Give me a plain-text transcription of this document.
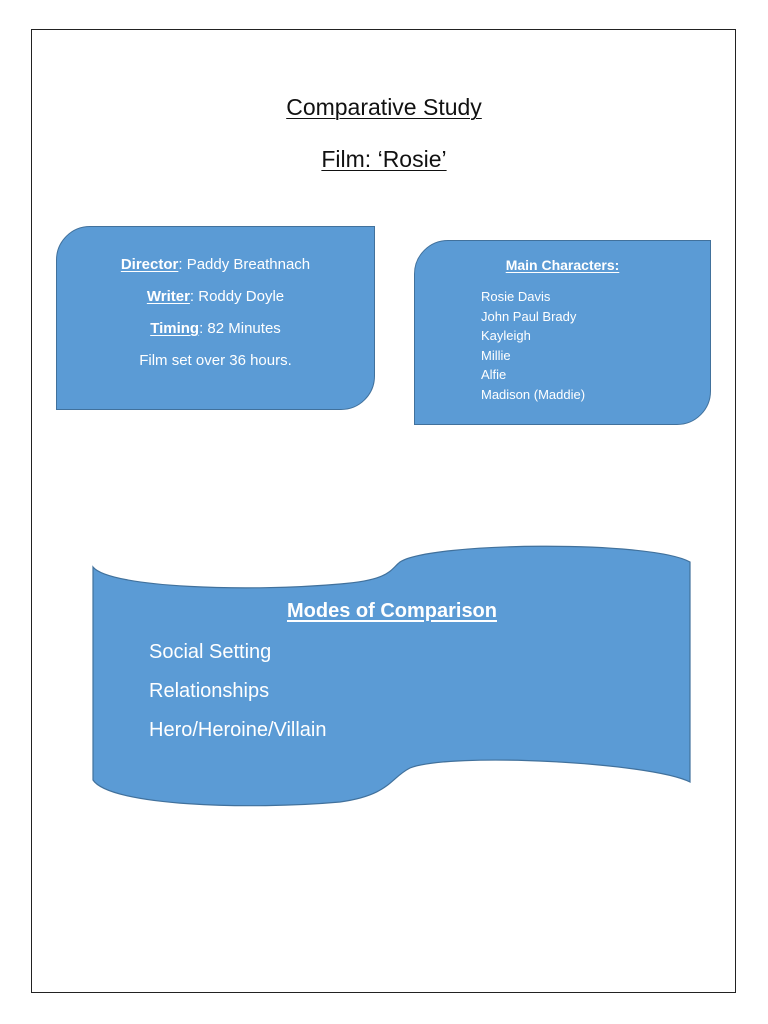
Comparative Study
Film: ‘Rosie’
Director: Paddy Breathnach
Writer: Roddy Doyle
Timing: 82 Minutes
Film set over 36 hours.
Main Characters:
Rosie Davis
John Paul Brady
Kayleigh
Millie
Alfie
Madison (Maddie)
Modes of Comparison
Social Setting
Relationships
Hero/Heroine/Villain
